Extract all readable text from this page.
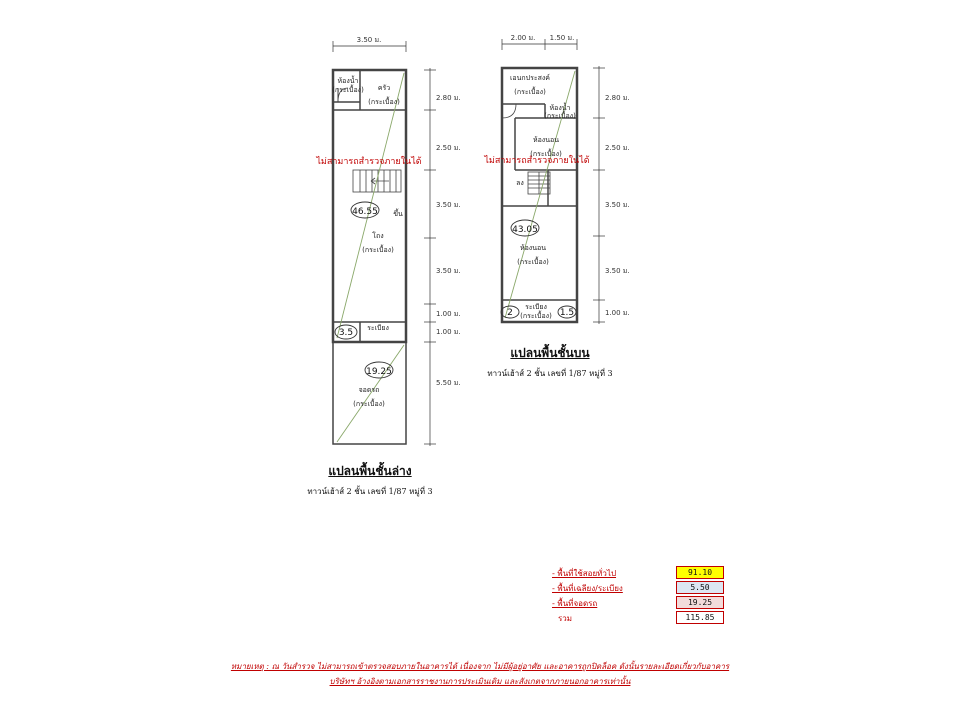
3.50 ม.
ห้องน้ำ
(กระเบื้อง) ครัว
(กระเบื้อง)
ไม่สามารถสำรวจภายในได้
46.55 ขึ้น
โถง
(กระเบื้อง)
3.5 ระเบียง
19.25
จอดรถ
(กระเบื้อง)
2.80 ม.
2.50 ม.
3.50 ม.
3.50 ม.
1.00 ม.
1.00 ม.
5.50 ม.
2.00 ม. 1.50 ม.
เอนกประสงค์
(กระเบื้อง)
ห้องน้ำ
(กระเบื้อง)
ห้องนอน
ไม่สามารถสำรวจภายในได้
(กระเบื้อง)
ลง
43.05
ห้องนอน
(กระเบื้อง)
2
ระเบียง
(กระเบื้อง) 1.5
2.80 ม.
2.50 ม.
3.50 ม.
3.50 ม.
1.00 ม.
แปลนพื้นชั้นล่าง
ทาวน์เฮ้าส์ 2 ชั้น เลขที่ 1/87 หมู่ที่ 3
แปลนพื้นชั้นบน
ทาวน์เฮ้าส์ 2 ชั้น เลขที่ 1/87 หมู่ที่ 3
- พื้นที่ใช้สอยทั่วไป	91.10
- พื้นที่เฉลียง/ระเบียง	5.50
- พื้นที่จอดรถ	19.25
รวม	115.85
หมายเหตุ : ณ วันสำรวจ ไม่สามารถเข้าตรวจสอบภายในอาคารได้ เนื่องจาก ไม่มีผู้อยู่อาศัย และอาคารถูกปิดล็อค ดังนั้นรายละเอียดเกี่ยวกับอาคาร
บริษัทฯ อ้างอิงตามเอกสารราชงานการประเมินเดิม และสังเกตจากภายนอกอาคารเท่านั้น
